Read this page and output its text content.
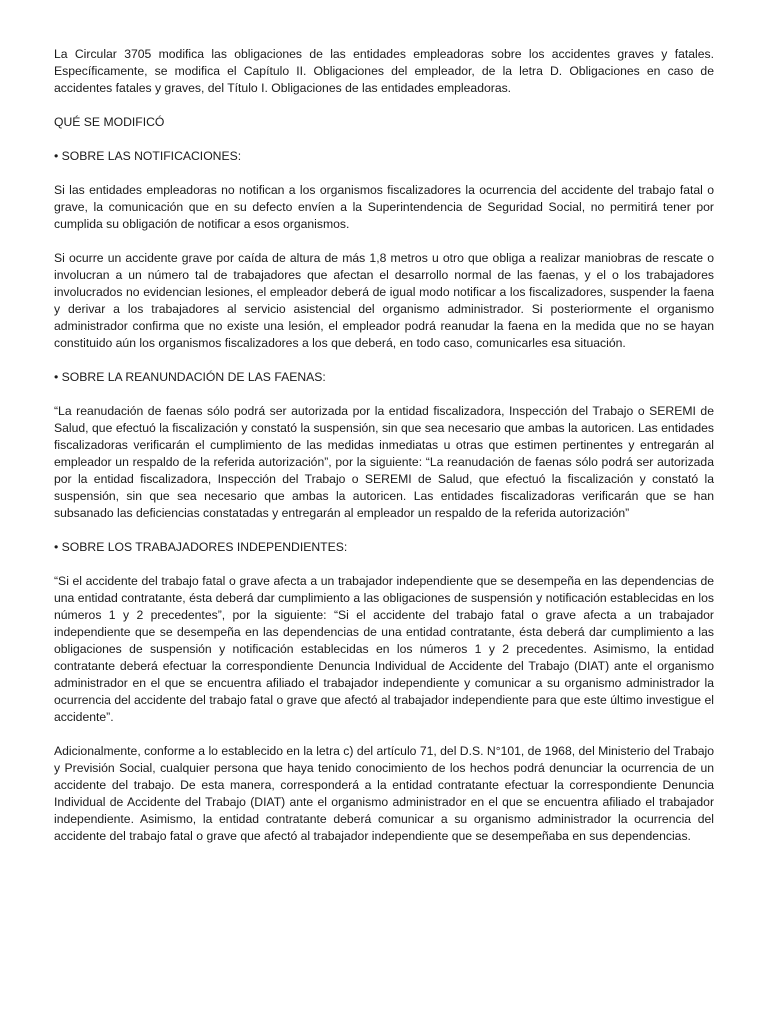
La Circular 3705 modifica las obligaciones de las entidades empleadoras sobre los accidentes graves y fatales. Específicamente, se modifica el Capítulo II. Obligaciones del empleador, de la letra D. Obligaciones en caso de accidentes fatales y graves, del Título I. Obligaciones de las entidades empleadoras.

QUÉ SE MODIFICÓ

• SOBRE LAS NOTIFICACIONES:

Si las entidades empleadoras no notifican a los organismos fiscalizadores la ocurrencia del accidente del trabajo fatal o grave, la comunicación que en su defecto envíen a la Superintendencia de Seguridad Social, no permitirá tener por cumplida su obligación de notificar a esos organismos.

Si ocurre un accidente grave por caída de altura de más 1,8 metros u otro que obliga a realizar maniobras de rescate o involucran a un número tal de trabajadores que afectan el desarrollo normal de las faenas, y el o los trabajadores involucrados no evidencian lesiones, el empleador deberá de igual modo notificar a los fiscalizadores, suspender la faena y derivar a los trabajadores al servicio asistencial del organismo administrador. Si posteriormente el organismo administrador confirma que no existe una lesión, el empleador podrá reanudar la faena en la medida que no se hayan constituido aún los organismos fiscalizadores a los que deberá, en todo caso, comunicarles esa situación.

• SOBRE LA REANUNDACIÓN DE LAS FAENAS:

“La reanudación de faenas sólo podrá ser autorizada por la entidad fiscalizadora, Inspección del Trabajo o SEREMI de Salud, que efectuó la fiscalización y constató la suspensión, sin que sea necesario que ambas la autoricen. Las entidades fiscalizadoras verificarán el cumplimiento de las medidas inmediatas u otras que estimen pertinentes y entregarán al empleador un respaldo de la referida autorización”, por la siguiente: “La reanudación de faenas sólo podrá ser autorizada por la entidad fiscalizadora, Inspección del Trabajo o SEREMI de Salud, que efectuó la fiscalización y constató la suspensión, sin que sea necesario que ambas la autoricen. Las entidades fiscalizadoras verificarán que se han subsanado las deficiencias constatadas y entregarán al empleador un respaldo de la referida autorización”

• SOBRE LOS TRABAJADORES INDEPENDIENTES:

“Si el accidente del trabajo fatal o grave afecta a un trabajador independiente que se desempeña en las dependencias de una entidad contratante, ésta deberá dar cumplimiento a las obligaciones de suspensión y notificación establecidas en los números 1 y 2 precedentes”, por la siguiente: “Si el accidente del trabajo fatal o grave afecta a un trabajador independiente que se desempeña en las dependencias de una entidad contratante, ésta deberá dar cumplimiento a las obligaciones de suspensión y notificación establecidas en los números 1 y 2 precedentes. Asimismo, la entidad contratante deberá efectuar la correspondiente Denuncia Individual de Accidente del Trabajo (DIAT) ante el organismo administrador en el que se encuentra afiliado el trabajador independiente y comunicar a su organismo administrador la ocurrencia del accidente del trabajo fatal o grave que afectó al trabajador independiente para que este último investigue el accidente”.

Adicionalmente, conforme a lo establecido en la letra c) del artículo 71, del D.S. N°101, de 1968, del Ministerio del Trabajo y Previsión Social, cualquier persona que haya tenido conocimiento de los hechos podrá denunciar la ocurrencia de un accidente del trabajo. De esta manera, corresponderá a la entidad contratante efectuar la correspondiente Denuncia Individual de Accidente del Trabajo (DIAT) ante el organismo administrador en el que se encuentra afiliado el trabajador independiente. Asimismo, la entidad contratante deberá comunicar a su organismo administrador la ocurrencia del accidente del trabajo fatal o grave que afectó al trabajador independiente que se desempeñaba en sus dependencias.
